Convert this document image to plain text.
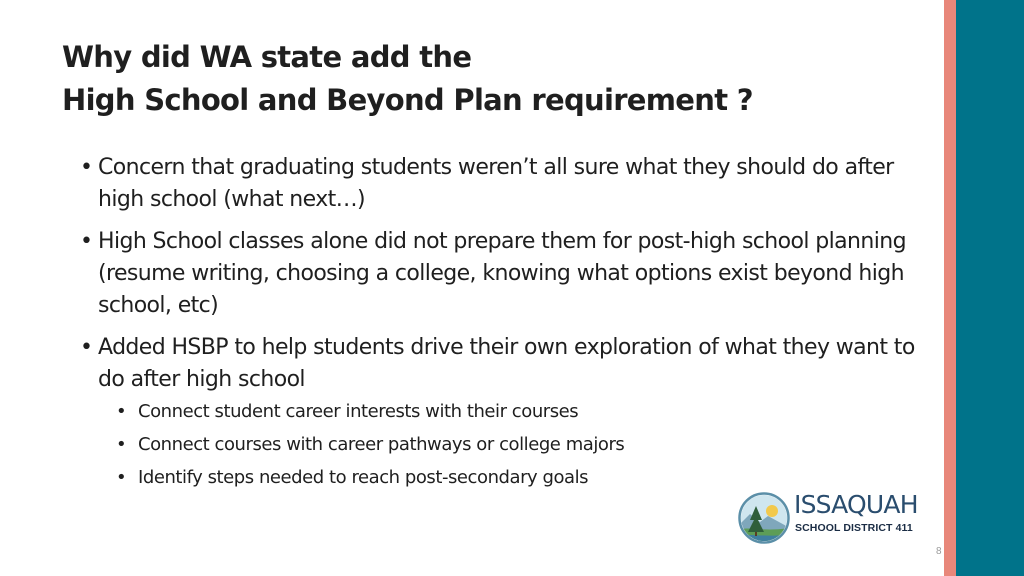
Why did WA state add the
High School and Beyond Plan requirement ?
• Concern that graduating students weren’t all sure what they should do after high school (what next…)
• High School classes alone did not prepare them for post-high school planning (resume writing, choosing a college, knowing what options exist beyond high school, etc)
• Added HSBP to help students drive their own exploration of what they want to do after high school
• Connect student career interests with their courses
• Connect courses with career pathways or college majors
• Identify steps needed to reach post-secondary goals
ISSAQUAH
SCHOOL DISTRICT 411
8
